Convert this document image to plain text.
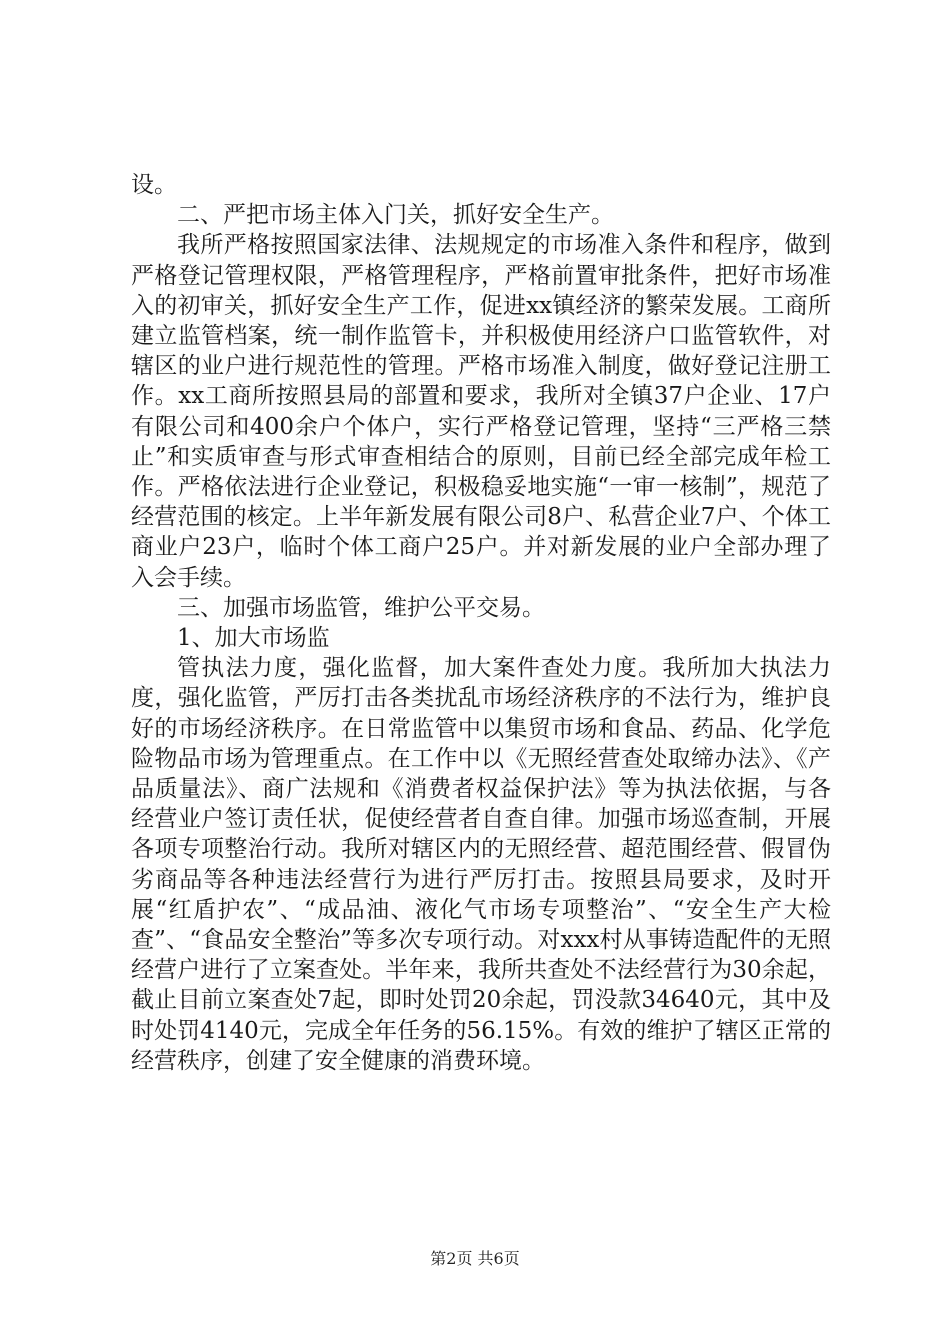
设。

二、严把市场主体入门关，抓好安全生产。

我所严格按照国家法律、法规规定的市场准入条件和程序，做到严格登记管理权限，严格管理程序，严格前置审批条件，把好市场准入的初审关，抓好安全生产工作，促进xx镇经济的繁荣发展。工商所建立监管档案，统一制作监管卡，并积极使用经济户口监管软件，对辖区的业户进行规范性的管理。严格市场准入制度，做好登记注册工作。xx工商所按照县局的部置和要求，我所对全镇37户企业、17户有限公司和400余户个体户，实行严格登记管理，坚持“三严格三禁止”和实质审查与形式审查相结合的原则，目前已经全部完成年检工作。严格依法进行企业登记，积极稳妥地实施“一审一核制”，规范了经营范围的核定。上半年新发展有限公司8户、私营企业7户、个体工商业户23户，临时个体工商户25户。并对新发展的业户全部办理了入会手续。

三、加强市场监管，维护公平交易。

1、加大市场监

管执法力度，强化监督，加大案件查处力度。我所加大执法力度，强化监管，严厉打击各类扰乱市场经济秩序的不法行为，维护良好的市场经济秩序。在日常监管中以集贸市场和食品、药品、化学危险物品市场为管理重点。在工作中以《无照经营查处取缔办法》、《产品质量法》、商广法规和《消费者权益保护法》等为执法依据，与各经营业户签订责任状，促使经营者自查自律。加强市场巡查制，开展各项专项整治行动。我所对辖区内的无照经营、超范围经营、假冒伪劣商品等各种违法经营行为进行严厉打击。按照县局要求，及时开展“红盾护农”、“成品油、液化气市场专项整治”、“安全生产大检查”、“食品安全整治”等多次专项行动。对xxx村从事铸造配件的无照经营户进行了立案查处。半年来，我所共查处不法经营行为30余起，截止目前立案查处7起，即时处罚20余起，罚没款34640元，其中及时处罚4140元，完成全年任务的56.15%。有效的维护了辖区正常的经营秩序，创建了安全健康的消费环境。

第2页 共6页
